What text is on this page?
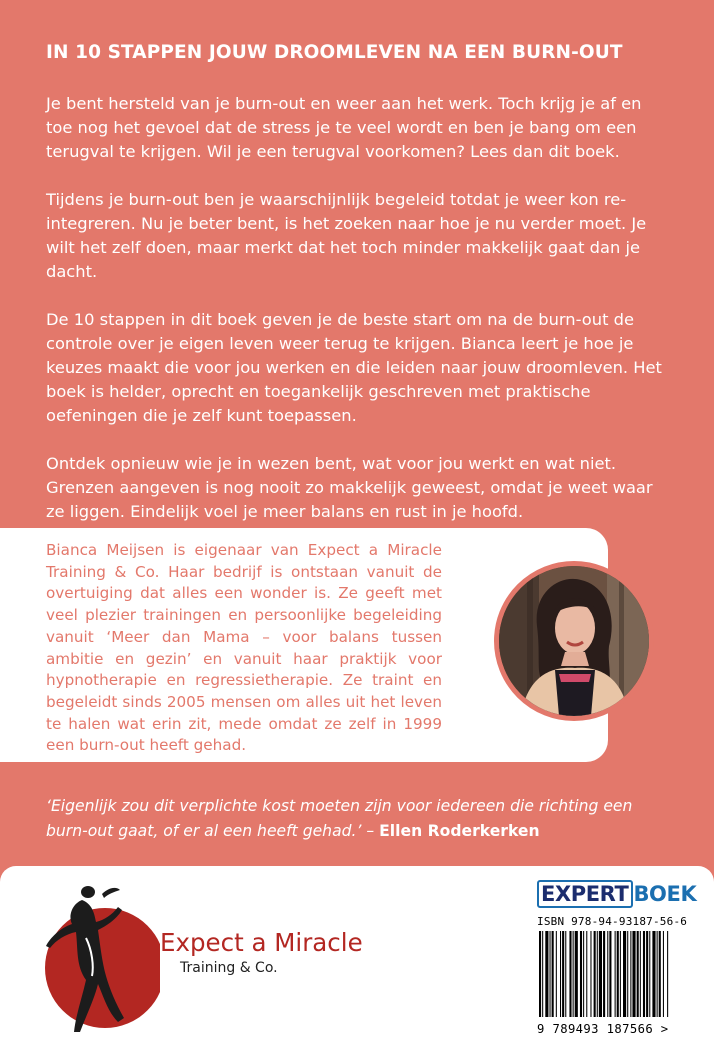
IN 10 STAPPEN JOUW DROOMLEVEN NA EEN BURN-OUT

Je bent hersteld van je burn-out en weer aan het werk. Toch krijg je af en toe nog het gevoel dat de stress je te veel wordt en ben je bang om een terugval te krijgen. Wil je een terugval voorkomen? Lees dan dit boek.

Tijdens je burn-out ben je waarschijnlijk begeleid totdat je weer kon re-integreren. Nu je beter bent, is het zoeken naar hoe je nu verder moet. Je wilt het zelf doen, maar merkt dat het toch minder makkelijk gaat dan je dacht.

De 10 stappen in dit boek geven je de beste start om na de burn-out de controle over je eigen leven weer terug te krijgen. Bianca leert je hoe je keuzes maakt die voor jou werken en die leiden naar jouw droomleven. Het boek is helder, oprecht en toegankelijk geschreven met praktische oefeningen die je zelf kunt toepassen.

Ontdek opnieuw wie je in wezen bent, wat voor jou werkt en wat niet. Grenzen aangeven is nog nooit zo makkelijk geweest, omdat je weet waar ze liggen. Eindelijk voel je meer balans en rust in je hoofd.

Bianca Meijsen is eigenaar van Expect a Miracle Training & Co. Haar bedrijf is ontstaan vanuit de overtuiging dat alles een wonder is. Ze geeft met veel plezier trainingen en persoonlijke begeleiding vanuit ‘Meer dan Mama – voor balans tussen ambitie en gezin’ en vanuit haar praktijk voor hypnotherapie en regressietherapie. Ze traint en begeleidt sinds 2005 mensen om alles uit het leven te halen wat erin zit, mede omdat ze zelf in 1999 een burn-out heeft gehad.

‘Eigenlijk zou dit verplichte kost moeten zijn voor iedereen die richting een burn-out gaat, of er al een heeft gehad.’ – Ellen Roderkerken

Expect a Miracle
Training & Co.
EXPERT BOEK
ISBN 978-94-93187-56-6
9 789493 187566 >
